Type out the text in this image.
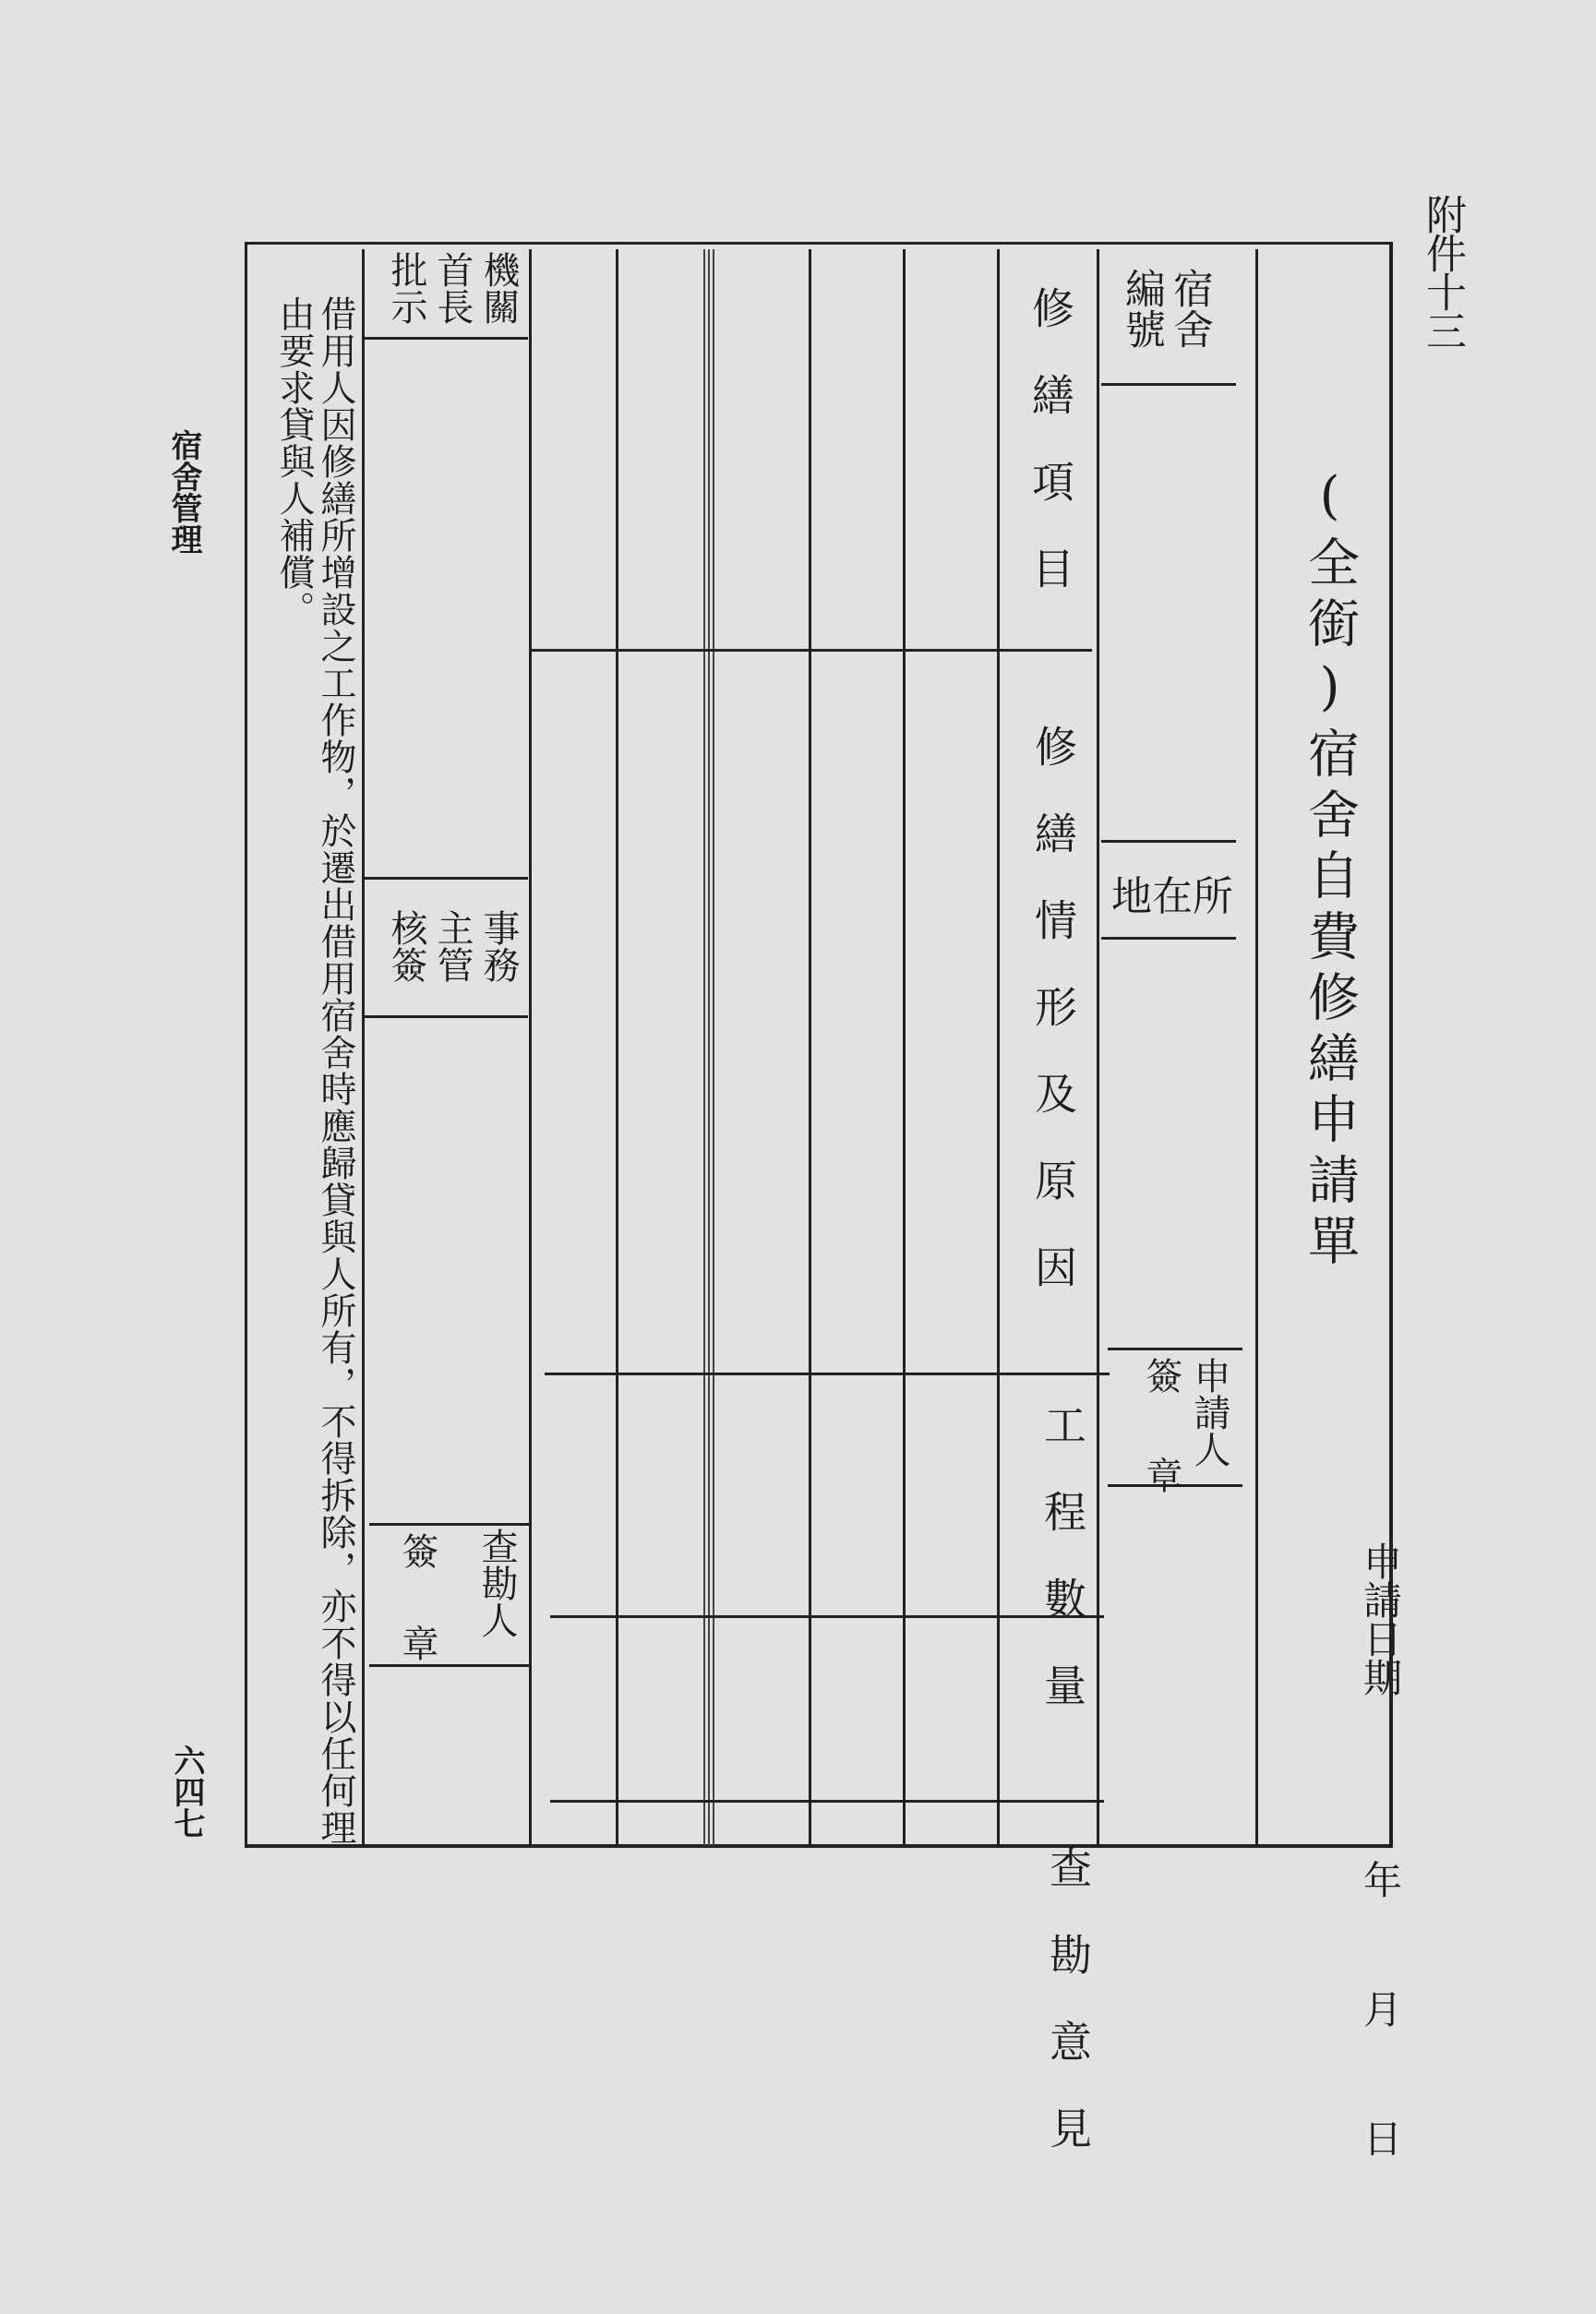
附件十三
(全銜)宿舍自費修繕申請單
申請日期
年
月
日
宿舍編號
所在地
申請人
簽章
修繕項目
修繕情形及原因
工程數量
查勘意見
機關首長批示
事務主管核簽
查勘人
簽章
借用人因修繕所增設之工作物，於遷出借用宿舍時應歸貸與人所有，不得拆除，亦不得以任何理
由要求貸與人補償。
宿舍管理
六四七
